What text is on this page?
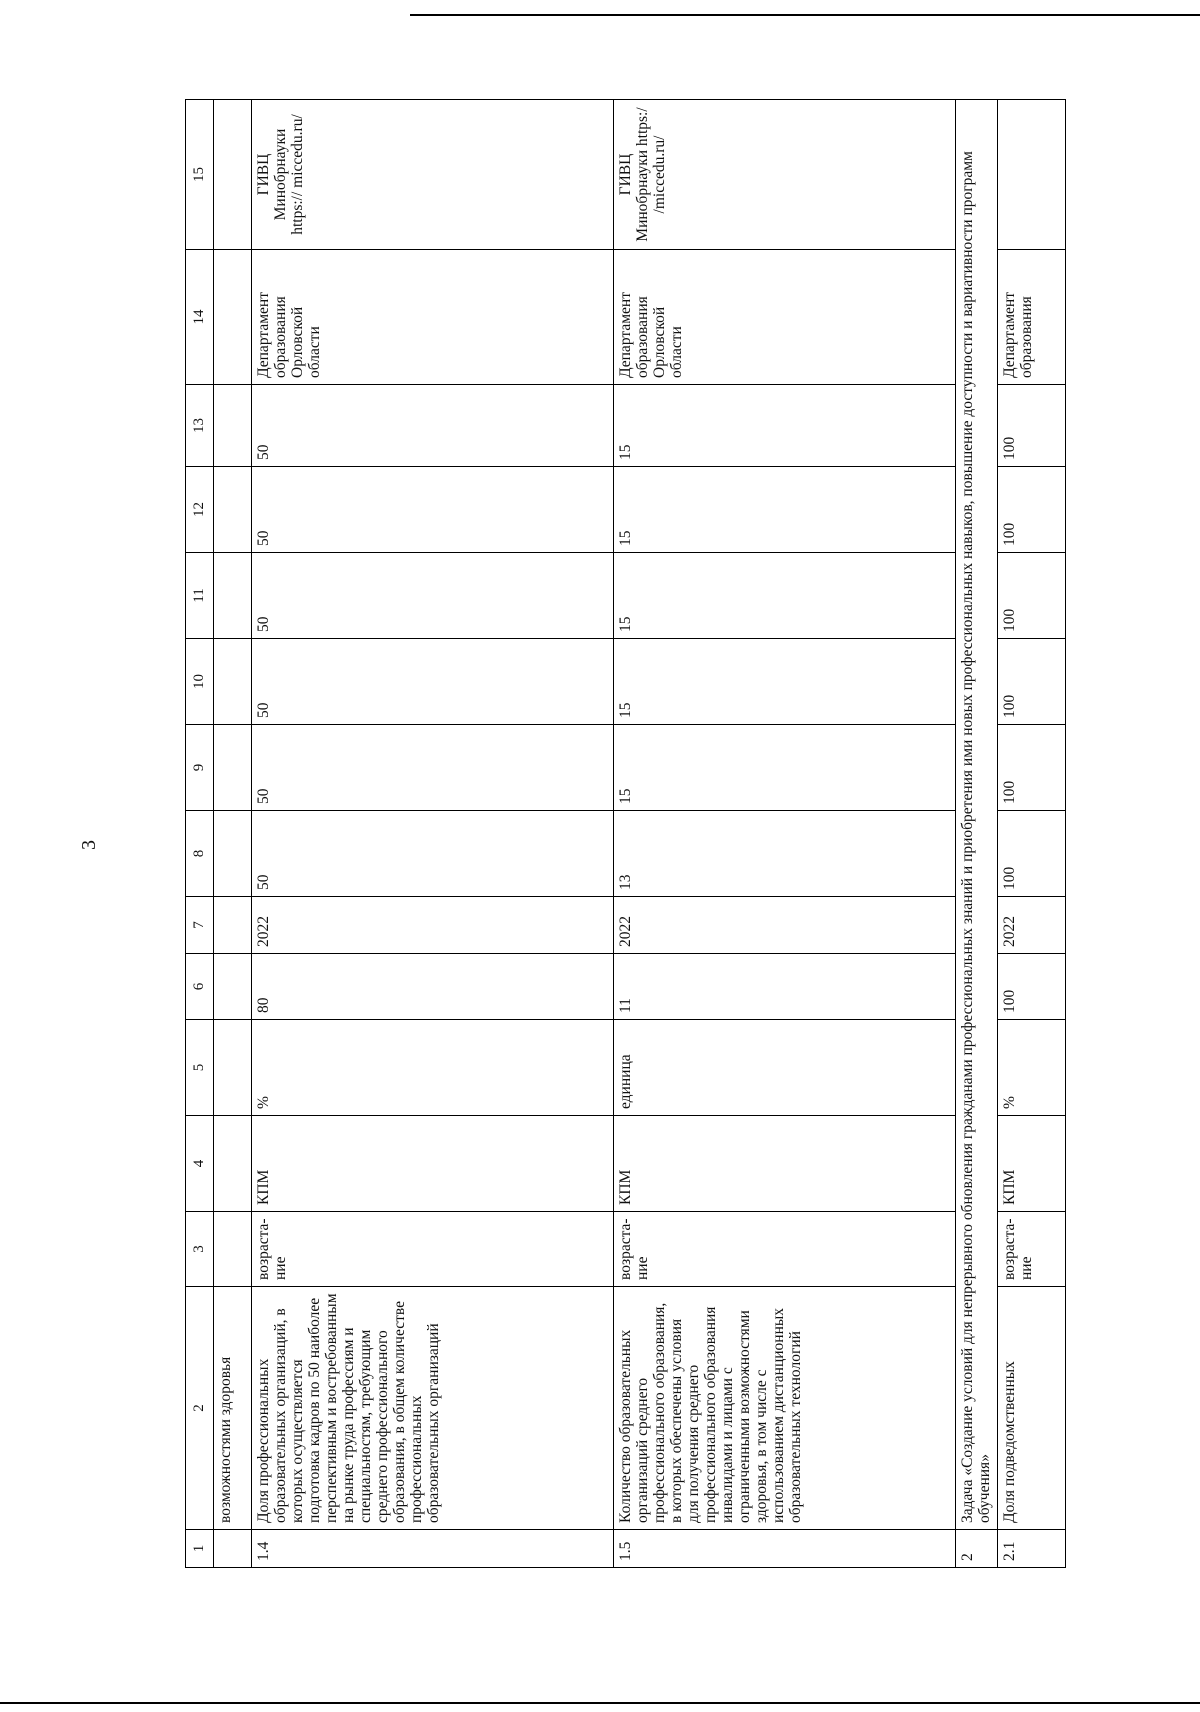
3
1	2	3	4	5	6	7	8	9	10	11	12	13	14	15
	возможностями здоровья													
1.4	Доля профессиональных образовательных организаций, в которых осуществляется подготовка кадров по 50 наиболее перспективным и востребованным на рынке труда профессиям и специальностям, требующим среднего профессионального образования, в общем количестве профессиональных образовательных организаций	возраста-ние	КПМ	%	80	2022	50	50	50	50	50	50	Департамент образования Орловской области	ГИВЦ Минобрнауки https:// miccedu.ru/
1.5	Количество образовательных организаций среднего профессионального образования, в которых обеспечены условия для получения среднего профессионального образования инвалидами и лицами с ограниченными возможностями здоровья, в том числе с использованием дистанционных образовательных технологий	возраста-ние	КПМ	единица	11	2022	13	15	15	15	15	15	Департамент образования Орловской области	ГИВЦ Минобрнауки https:/ /miccedu.ru/
2	Задача «Создание условий для непрерывного обновления гражданами профессиональных знаний и приобретения ими новых профессиональных навыков, повышение доступности и вариативности программ обучения»													
2.1	Доля подведомственных	возраста-ние	КПМ	%	100	2022	100	100	100	100	100	100	Департамент образования	
